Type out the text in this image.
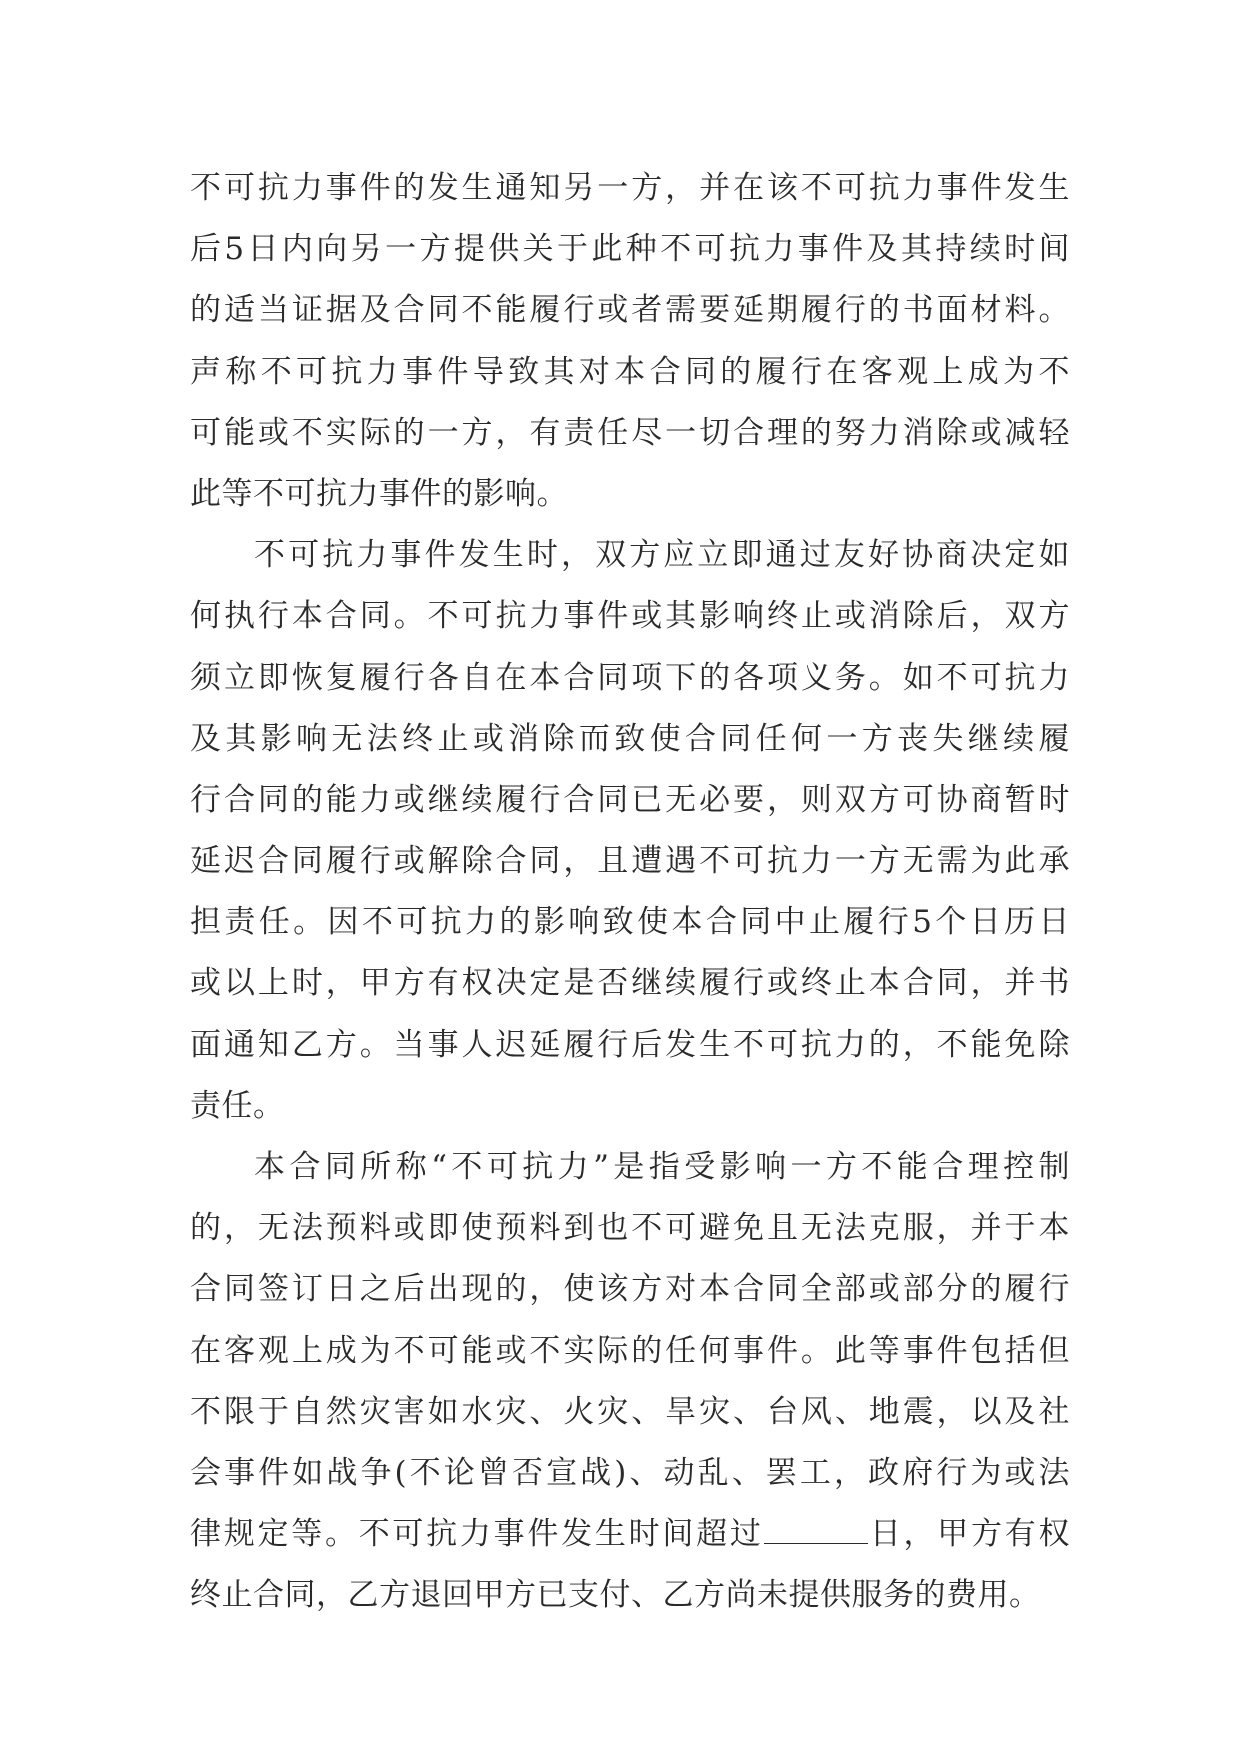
不可抗力事件的发生通知另一方，并在该不可抗力事件发生
后5日内向另一方提供关于此种不可抗力事件及其持续时间
的适当证据及合同不能履行或者需要延期履行的书面材料。
声称不可抗力事件导致其对本合同的履行在客观上成为不
可能或不实际的一方，有责任尽一切合理的努力消除或减轻
此等不可抗力事件的影响。
不可抗力事件发生时，双方应立即通过友好协商决定如
何执行本合同。不可抗力事件或其影响终止或消除后，双方
须立即恢复履行各自在本合同项下的各项义务。如不可抗力
及其影响无法终止或消除而致使合同任何一方丧失继续履
行合同的能力或继续履行合同已无必要，则双方可协商暂时
延迟合同履行或解除合同，且遭遇不可抗力一方无需为此承
担责任。因不可抗力的影响致使本合同中止履行5个日历日
或以上时，甲方有权决定是否继续履行或终止本合同，并书
面通知乙方。当事人迟延履行后发生不可抗力的，不能免除
责任。
本合同所称“不可抗力”是指受影响一方不能合理控制
的，无法预料或即使预料到也不可避免且无法克服，并于本
合同签订日之后出现的，使该方对本合同全部或部分的履行
在客观上成为不可能或不实际的任何事件。此等事件包括但
不限于自然灾害如水灾、火灾、旱灾、台风、地震，以及社
会事件如战争(不论曾否宣战)、动乱、罢工，政府行为或法
律规定等。不可抗力事件发生时间超过	日，甲方有权
终止合同，乙方退回甲方已支付、乙方尚未提供服务的费用。
